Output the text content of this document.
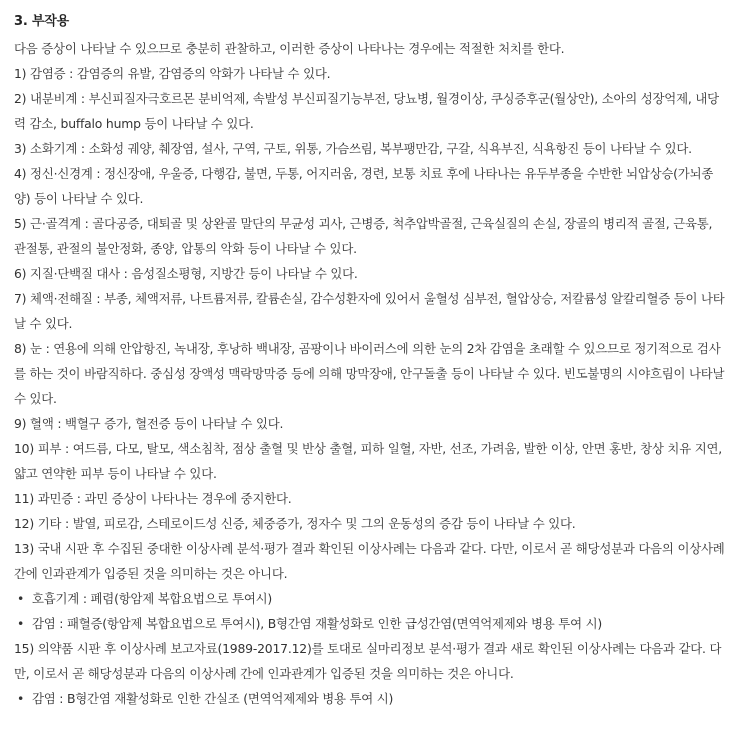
3. 부작용

다음 증상이 나타날 수 있으므로 충분히 관찰하고, 이러한 증상이 나타나는 경우에는 적절한 처치를 한다.

1) 감염증 : 감염증의 유발, 감염증의 악화가 나타날 수 있다.

2) 내분비계 : 부신피질자극호르몬 분비억제, 속발성 부신피질기능부전, 당뇨병, 월경이상, 쿠싱증후군(월상안), 소아의 성장억제, 내당력 감소, buffalo hump 등이 나타날 수 있다.

3) 소화기계 : 소화성 궤양, 췌장염, 설사, 구역, 구토, 위통, 가슴쓰림, 복부팽만감, 구갈, 식욕부진, 식욕항진 등이 나타날 수 있다.

4) 정신·신경계 : 정신장애, 우울증, 다행감, 불면, 두통, 어지러움, 경련, 보통 치료 후에 나타나는 유두부종을 수반한 뇌압상승(가뇌종양) 등이 나타날 수 있다.

5) 근·골격계 : 골다공증, 대퇴골 및 상완골 말단의 무균성 괴사, 근병증, 척추압박골절, 근육실질의 손실, 장골의 병리적 골절, 근육통, 관절통, 관절의 불안정화, 종양, 압통의 악화 등이 나타날 수 있다.

6) 지질·단백질 대사 : 음성질소평형, 지방간 등이 나타날 수 있다.

7) 체액·전해질 : 부종, 체액저류, 나트륨저류, 칼륨손실, 감수성환자에 있어서 울혈성 심부전, 혈압상승, 저칼륨성 알칼리혈증 등이 나타날 수 있다.

8) 눈 : 연용에 의해 안압항진, 녹내장, 후낭하 백내장, 곰팡이나 바이러스에 의한 눈의 2차 감염을 초래할 수 있으므로 정기적으로 검사를 하는 것이 바람직하다. 중심성 장액성 맥락망막증 등에 의해 망막장애, 안구돌출 등이 나타날 수 있다. 빈도불명의 시야흐림이 나타날 수 있다.

9) 혈액 : 백혈구 증가, 혈전증 등이 나타날 수 있다.

10) 피부 : 여드름, 다모, 탈모, 색소침착, 점상 출혈 및 반상 출혈, 피하 일혈, 자반, 선조, 가려움, 발한 이상, 안면 홍반, 창상 치유 지연, 얇고 연약한 피부 등이 나타날 수 있다.

11) 과민증 : 과민 증상이 나타나는 경우에 중지한다.

12) 기타 : 발열, 피로감, 스테로이드성 신증, 체중증가, 정자수 및 그의 운동성의 증감 등이 나타날 수 있다.

13) 국내 시판 후 수집된 중대한 이상사례 분석·평가 결과 확인된 이상사례는 다음과 같다. 다만, 이로서 곧 해당성분과 다음의 이상사례 간에 인과관계가 입증된 것을 의미하는 것은 아니다.

• 호흡기계 : 폐렴(항암제 복합요법으로 투여시)

• 감염 : 패혈증(항암제 복합요법으로 투여시), B형간염 재활성화로 인한 급성간염(면역억제제와 병용 투여 시)

15) 의약품 시판 후 이상사례 보고자료(1989-2017.12)를 토대로 실마리정보 분석·평가 결과 새로 확인된 이상사례는 다음과 같다. 다만, 이로서 곧 해당성분과 다음의 이상사례 간에 인과관계가 입증된 것을 의미하는 것은 아니다.

• 감염 : B형간염 재활성화로 인한 간실조 (면역억제제와 병용 투여 시)
